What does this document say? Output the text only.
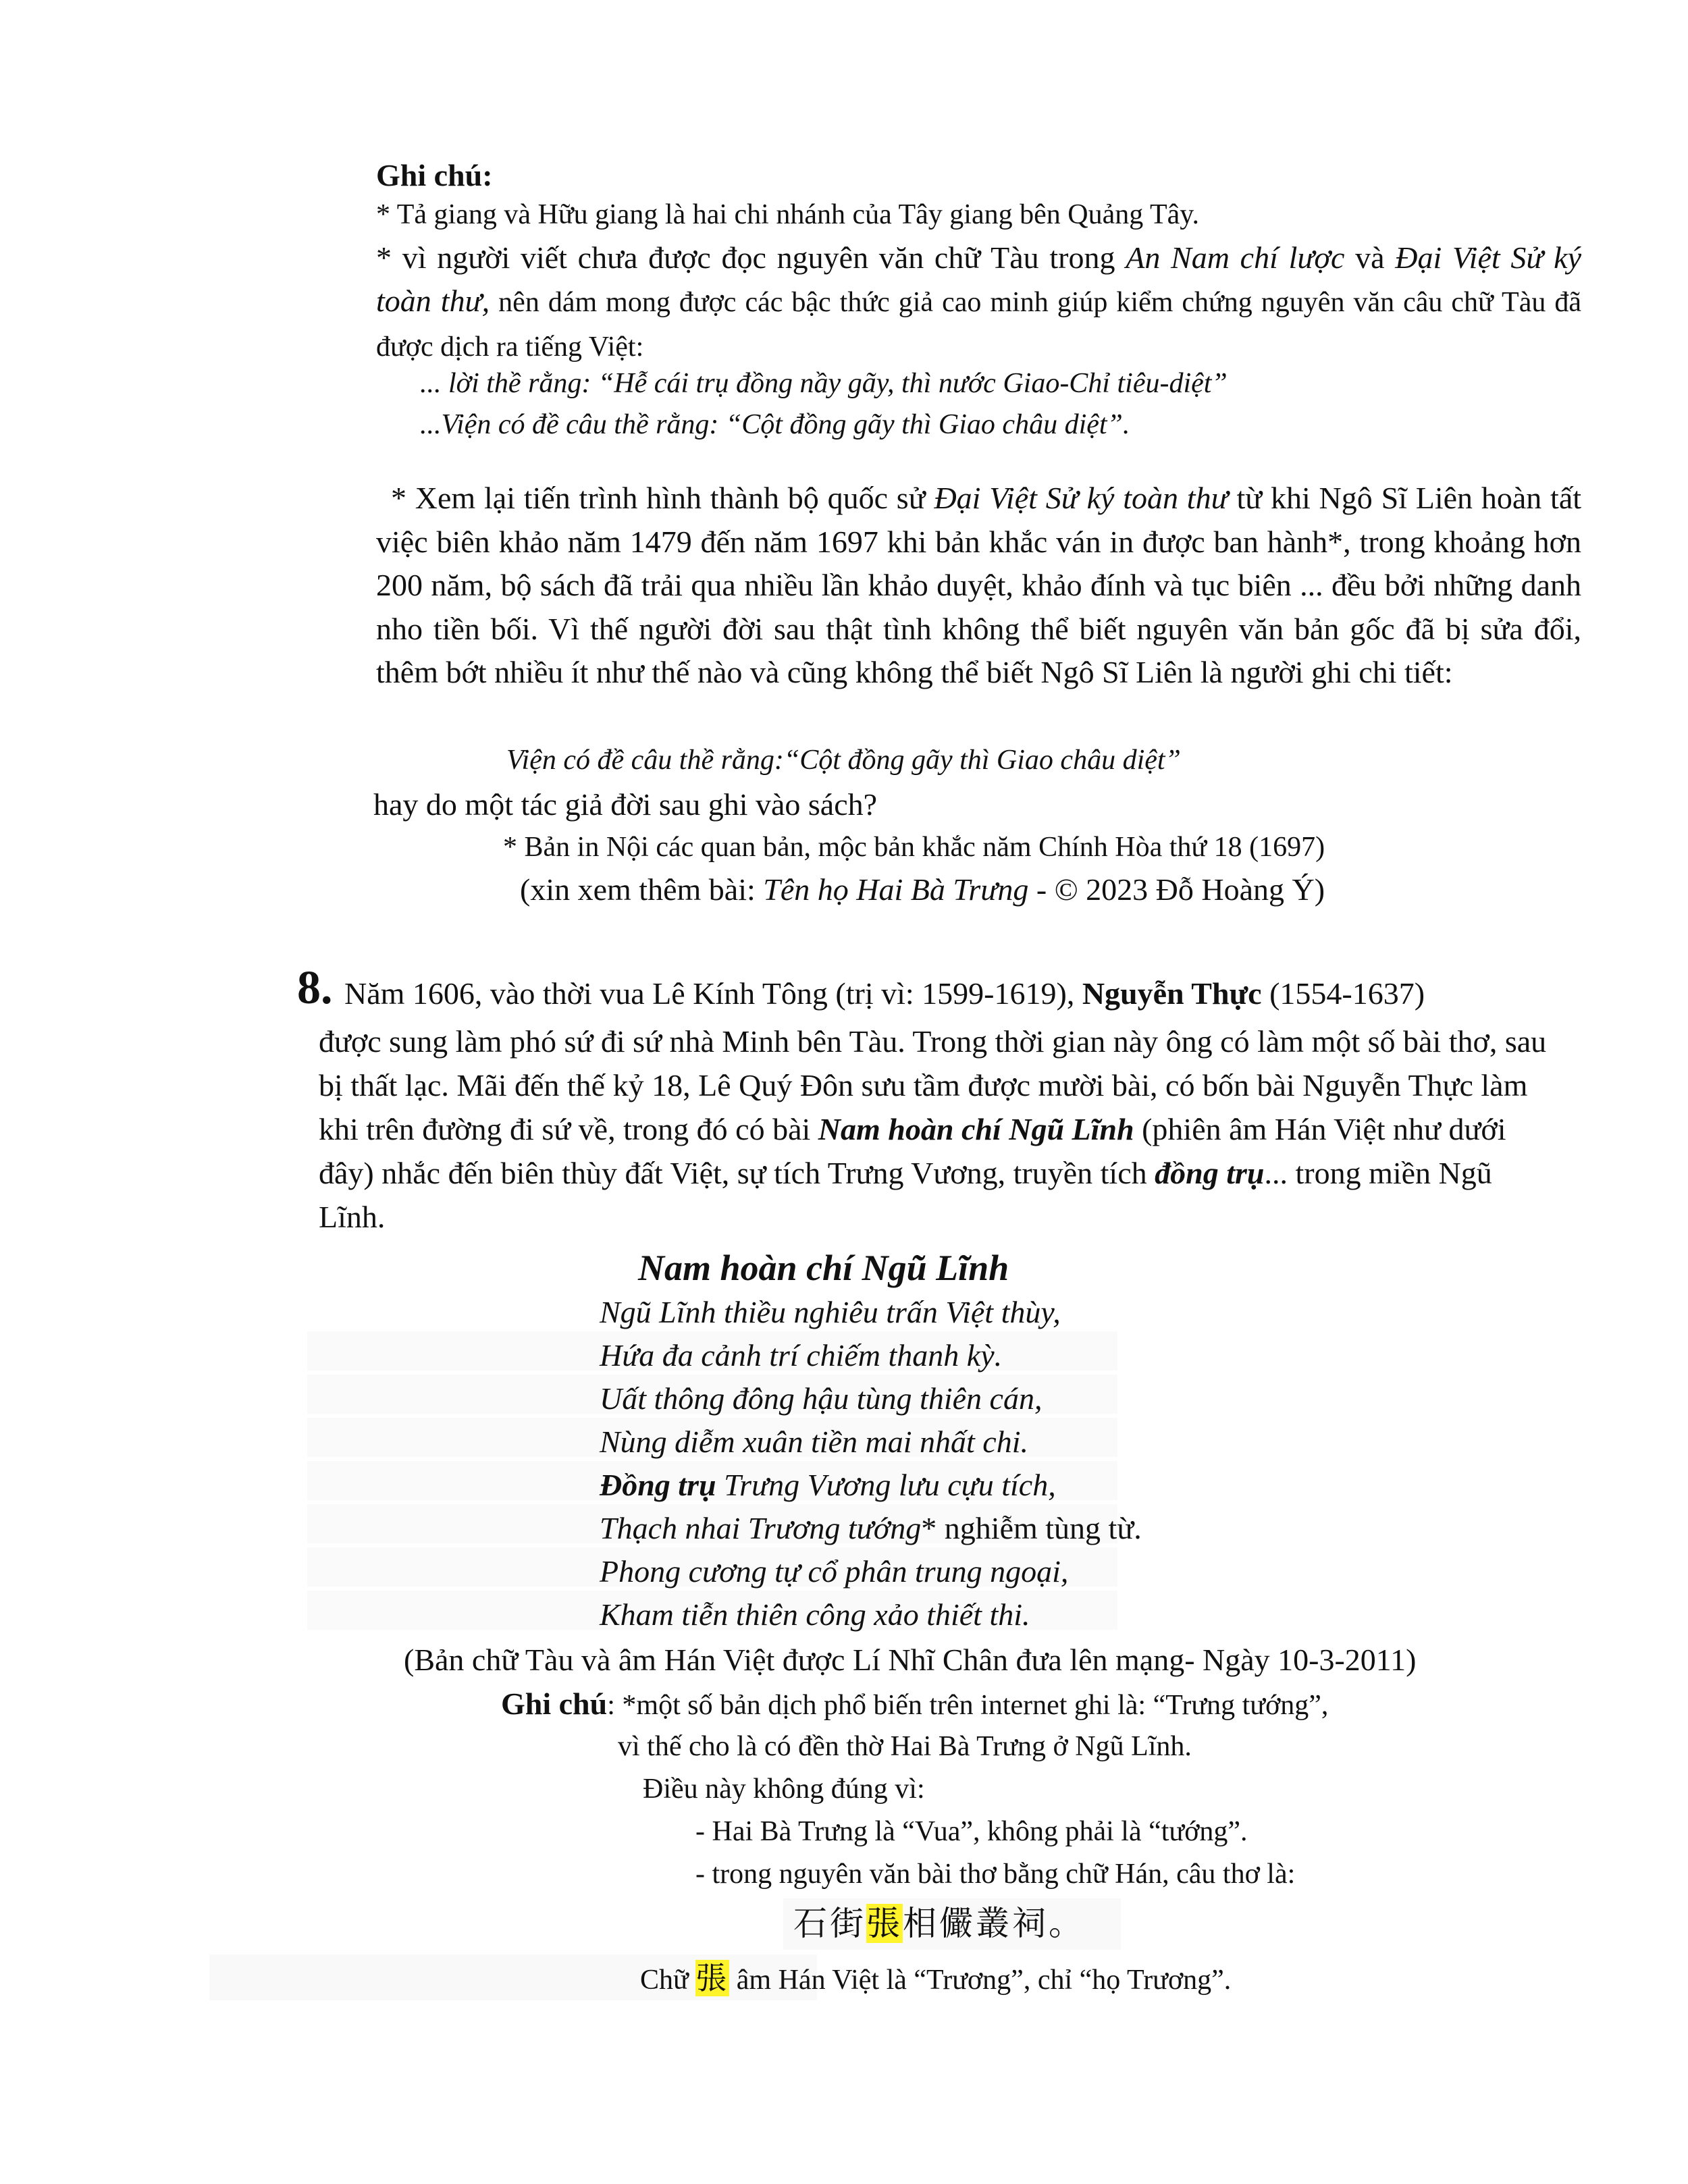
Ghi chú:
* Tả giang và Hữu giang là hai chi nhánh của Tây giang bên Quảng Tây.
* vì người viết chưa được đọc nguyên văn chữ Tàu trong An Nam chí lược và Đại Việt Sử ký toàn thư, nên dám mong được các bậc thức giả cao minh giúp kiểm chứng nguyên văn câu chữ Tàu đã được dịch ra tiếng Việt:
... lời thề rằng: “Hễ cái trụ đồng nầy gãy, thì nước Giao-Chỉ tiêu-diệt”
...Viện có đề câu thề rằng: “Cột đồng gãy thì Giao châu diệt”.
* Xem lại tiến trình hình thành bộ quốc sử Đại Việt Sử ký toàn thư từ khi Ngô Sĩ Liên hoàn tất việc biên khảo năm 1479 đến năm 1697 khi bản khắc ván in được ban hành*, trong khoảng hơn 200 năm, bộ sách đã trải qua nhiều lần khảo duyệt, khảo đính và tục biên ... đều bởi những danh nho tiền bối. Vì thế người đời sau thật tình không thể biết nguyên văn bản gốc đã bị sửa đổi, thêm bớt nhiều ít như thế nào và cũng không thể biết Ngô Sĩ Liên là người ghi chi tiết:
Viện có đề câu thề rằng:“Cột đồng gãy thì Giao châu diệt”
hay do một tác giả đời sau ghi vào sách?
* Bản in Nội các quan bản, mộc bản khắc năm Chính Hòa thứ 18 (1697)
(xin xem thêm bài: Tên họ Hai Bà Trưng - © 2023 Đỗ Hoàng Ý)
8. Năm 1606, vào thời vua Lê Kính Tông (trị vì: 1599-1619), Nguyễn Thực (1554-1637)
được sung làm phó sứ đi sứ nhà Minh bên Tàu. Trong thời gian này ông có làm một số bài thơ, sau bị thất lạc. Mãi đến thế kỷ 18, Lê Quý Đôn sưu tầm được mười bài, có bốn bài Nguyễn Thực làm khi trên đường đi sứ về, trong đó có bài Nam hoàn chí Ngũ Lĩnh (phiên âm Hán Việt như dưới đây) nhắc đến biên thùy đất Việt, sự tích Trưng Vương, truyền tích đồng trụ... trong miền Ngũ Lĩnh.
Nam hoàn chí Ngũ Lĩnh
Ngũ Lĩnh thiều nghiêu trấn Việt thùy,
Hứa đa cảnh trí chiếm thanh kỳ.
Uất thông đông hậu tùng thiên cán,
Nùng diễm xuân tiền mai nhất chi.
Đồng trụ Trưng Vương lưu cựu tích,
Thạch nhai Trương tướng* nghiễm tùng từ.
Phong cương tự cổ phân trung ngoại,
Kham tiễn thiên công xảo thiết thi.
(Bản chữ Tàu và âm Hán Việt được Lí Nhĩ Chân đưa lên mạng- Ngày 10-3-2011)
Ghi chú: *một số bản dịch phổ biến trên internet ghi là: “Trưng tướng”,
vì thế cho là có đền thờ Hai Bà Trưng ở Ngũ Lĩnh.
Điều này không đúng vì:
- Hai Bà Trưng là “Vua”, không phải là “tướng”.
- trong nguyên văn bài thơ bằng chữ Hán, câu thơ là:
石街張相儼叢祠。
Chữ 張 âm Hán Việt là “Trương”, chỉ “họ Trương”.
